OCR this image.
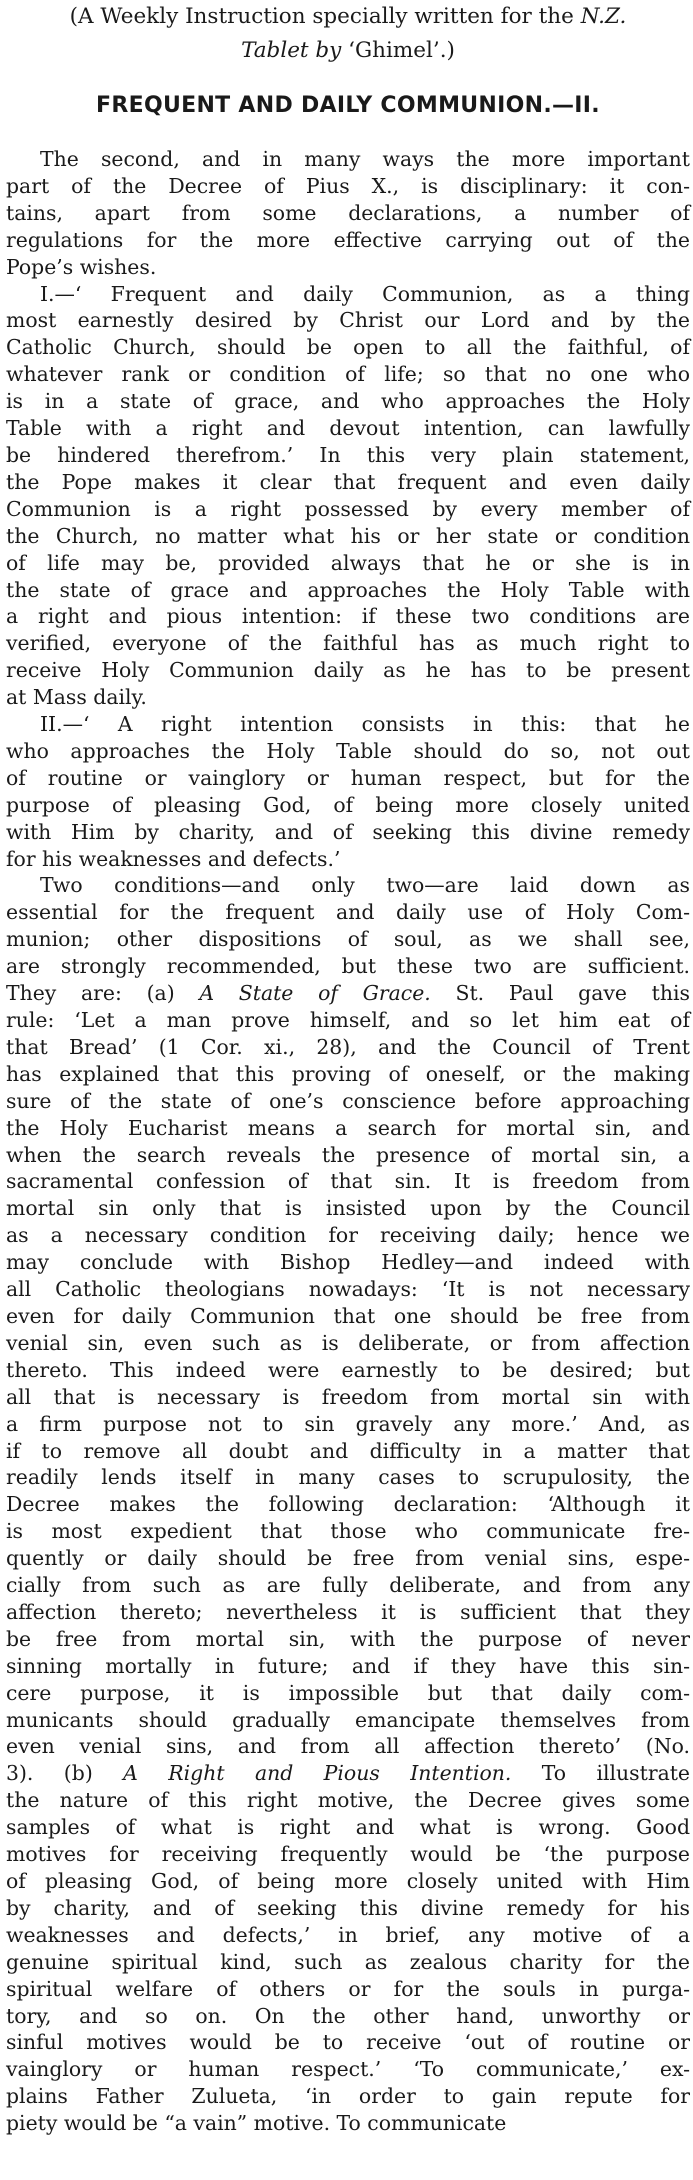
(A Weekly Instruction specially written for the N.Z.
Tablet by ‘Ghimel’.)
FREQUENT AND DAILY COMMUNION.—II.
The second, and in many ways the more important
part of the Decree of Pius X., is disciplinary: it con-
tains, apart from some declarations, a number of
regulations for the more effective carrying out of the
Pope’s wishes.
I.—‘ Frequent and daily Communion, as a thing
most earnestly desired by Christ our Lord and by the
Catholic Church, should be open to all the faithful, of
whatever rank or condition of life; so that no one who
is in a state of grace, and who approaches the Holy
Table with a right and devout intention, can lawfully
be hindered therefrom.’ In this very plain statement,
the Pope makes it clear that frequent and even daily
Communion is a right possessed by every member of
the Church, no matter what his or her state or condition
of life may be, provided always that he or she is in
the state of grace and approaches the Holy Table with
a right and pious intention: if these two conditions are
verified, everyone of the faithful has as much right to
receive Holy Communion daily as he has to be present
at Mass daily.
II.—‘ A right intention consists in this: that he
who approaches the Holy Table should do so, not out
of routine or vainglory or human respect, but for the
purpose of pleasing God, of being more closely united
with Him by charity, and of seeking this divine remedy
for his weaknesses and defects.’
Two conditions—and only two—are laid down as
essential for the frequent and daily use of Holy Com-
munion; other dispositions of soul, as we shall see,
are strongly recommended, but these two are sufficient.
They are: (a) A State of Grace. St. Paul gave this
rule: ‘Let a man prove himself, and so let him eat of
that Bread’ (1 Cor. xi., 28), and the Council of Trent
has explained that this proving of oneself, or the making
sure of the state of one’s conscience before approaching
the Holy Eucharist means a search for mortal sin, and
when the search reveals the presence of mortal sin, a
sacramental confession of that sin. It is freedom from
mortal sin only that is insisted upon by the Council
as a necessary condition for receiving daily; hence we
may conclude with Bishop Hedley—and indeed with
all Catholic theologians nowadays: ‘It is not necessary
even for daily Communion that one should be free from
venial sin, even such as is deliberate, or from affection
thereto. This indeed were earnestly to be desired; but
all that is necessary is freedom from mortal sin with
a firm purpose not to sin gravely any more.’ And, as
if to remove all doubt and difficulty in a matter that
readily lends itself in many cases to scrupulosity, the
Decree makes the following declaration: ‘Although it
is most expedient that those who communicate fre-
quently or daily should be free from venial sins, espe-
cially from such as are fully deliberate, and from any
affection thereto; nevertheless it is sufficient that they
be free from mortal sin, with the purpose of never
sinning mortally in future; and if they have this sin-
cere purpose, it is impossible but that daily com-
municants should gradually emancipate themselves from
even venial sins, and from all affection thereto’ (No.
3). (b) A Right and Pious Intention. To illustrate
the nature of this right motive, the Decree gives some
samples of what is right and what is wrong. Good
motives for receiving frequently would be ‘the purpose
of pleasing God, of being more closely united with Him
by charity, and of seeking this divine remedy for his
weaknesses and defects,’ in brief, any motive of a
genuine spiritual kind, such as zealous charity for the
spiritual welfare of others or for the souls in purga-
tory, and so on. On the other hand, unworthy or
sinful motives would be to receive ‘out of routine or
vainglory or human respect.’ ‘To communicate,’ ex-
plains Father Zulueta, ‘in order to gain repute for
piety would be “a vain” motive. To communicate
